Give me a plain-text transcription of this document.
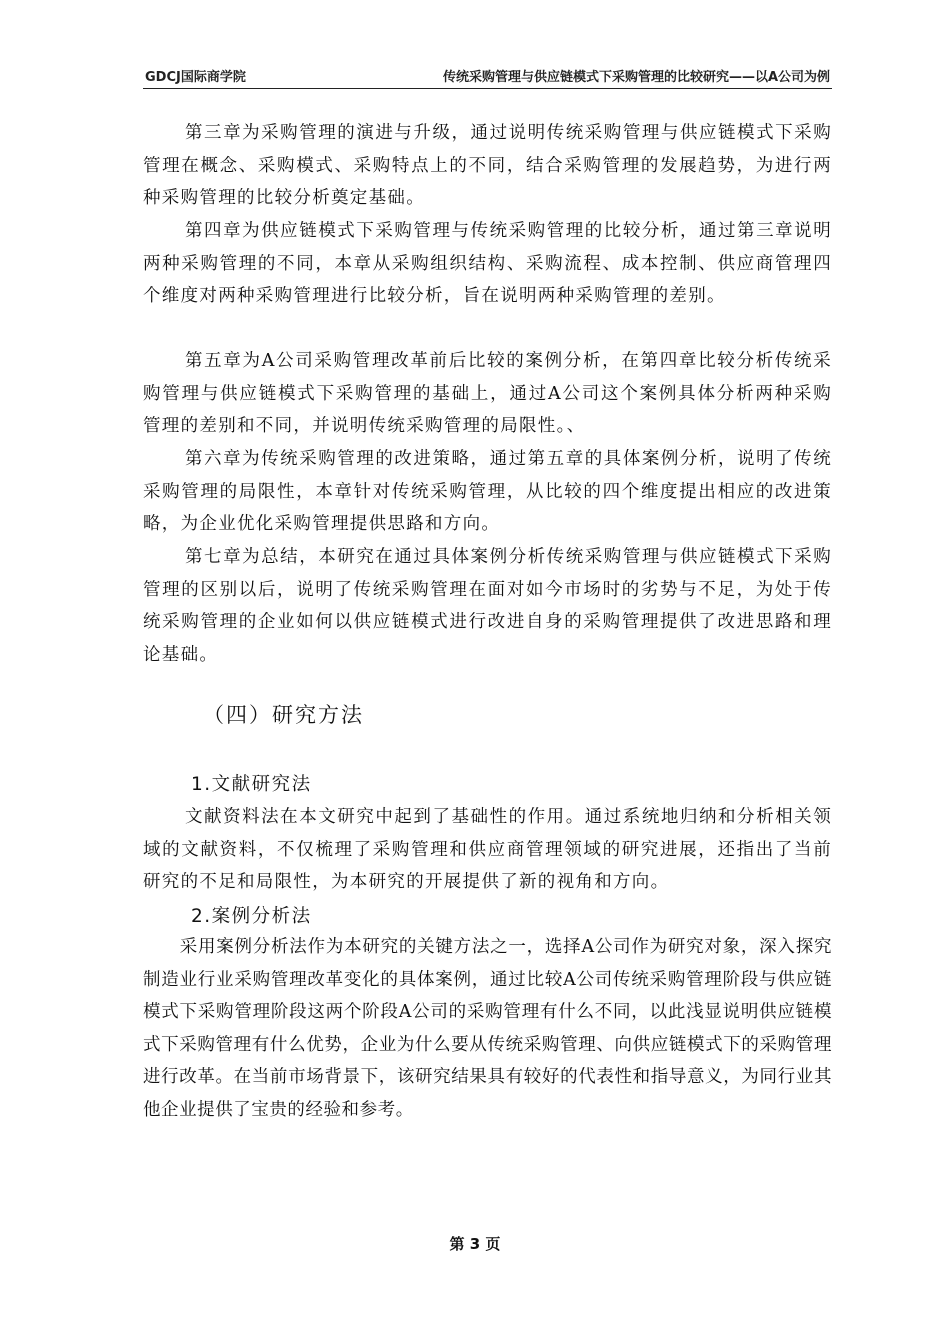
GDCJ国际商学院	传统采购管理与供应链模式下采购管理的比较研究——以A公司为例

第三章为采购管理的演进与升级，通过说明传统采购管理与供应链模式下采购管理在概念、采购模式、采购特点上的不同，结合采购管理的发展趋势，为进行两种采购管理的比较分析奠定基础。

第四章为供应链模式下采购管理与传统采购管理的比较分析，通过第三章说明两种采购管理的不同，本章从采购组织结构、采购流程、成本控制、供应商管理四个维度对两种采购管理进行比较分析，旨在说明两种采购管理的差别。

第五章为A公司采购管理改革前后比较的案例分析，在第四章比较分析传统采购管理与供应链模式下采购管理的基础上，通过A公司这个案例具体分析两种采购管理的差别和不同，并说明传统采购管理的局限性。、

第六章为传统采购管理的改进策略，通过第五章的具体案例分析，说明了传统采购管理的局限性，本章针对传统采购管理，从比较的四个维度提出相应的改进策略，为企业优化采购管理提供思路和方向。

第七章为总结，本研究在通过具体案例分析传统采购管理与供应链模式下采购管理的区别以后，说明了传统采购管理在面对如今市场时的劣势与不足，为处于传统采购管理的企业如何以供应链模式进行改进自身的采购管理提供了改进思路和理论基础。

（四）研究方法
1.文献研究法

文献资料法在本文研究中起到了基础性的作用。通过系统地归纳和分析相关领域的文献资料，不仅梳理了采购管理和供应商管理领域的研究进展，还指出了当前研究的不足和局限性，为本研究的开展提供了新的视角和方向。

2.案例分析法

采用案例分析法作为本研究的关键方法之一，选择A公司作为研究对象，深入探究制造业行业采购管理改革变化的具体案例，通过比较A公司传统采购管理阶段与供应链模式下采购管理阶段这两个阶段A公司的采购管理有什么不同，以此浅显说明供应链模式下采购管理有什么优势，企业为什么要从传统采购管理、向供应链模式下的采购管理进行改革。在当前市场背景下，该研究结果具有较好的代表性和指导意义，为同行业其他企业提供了宝贵的经验和参考。

第 3 页
